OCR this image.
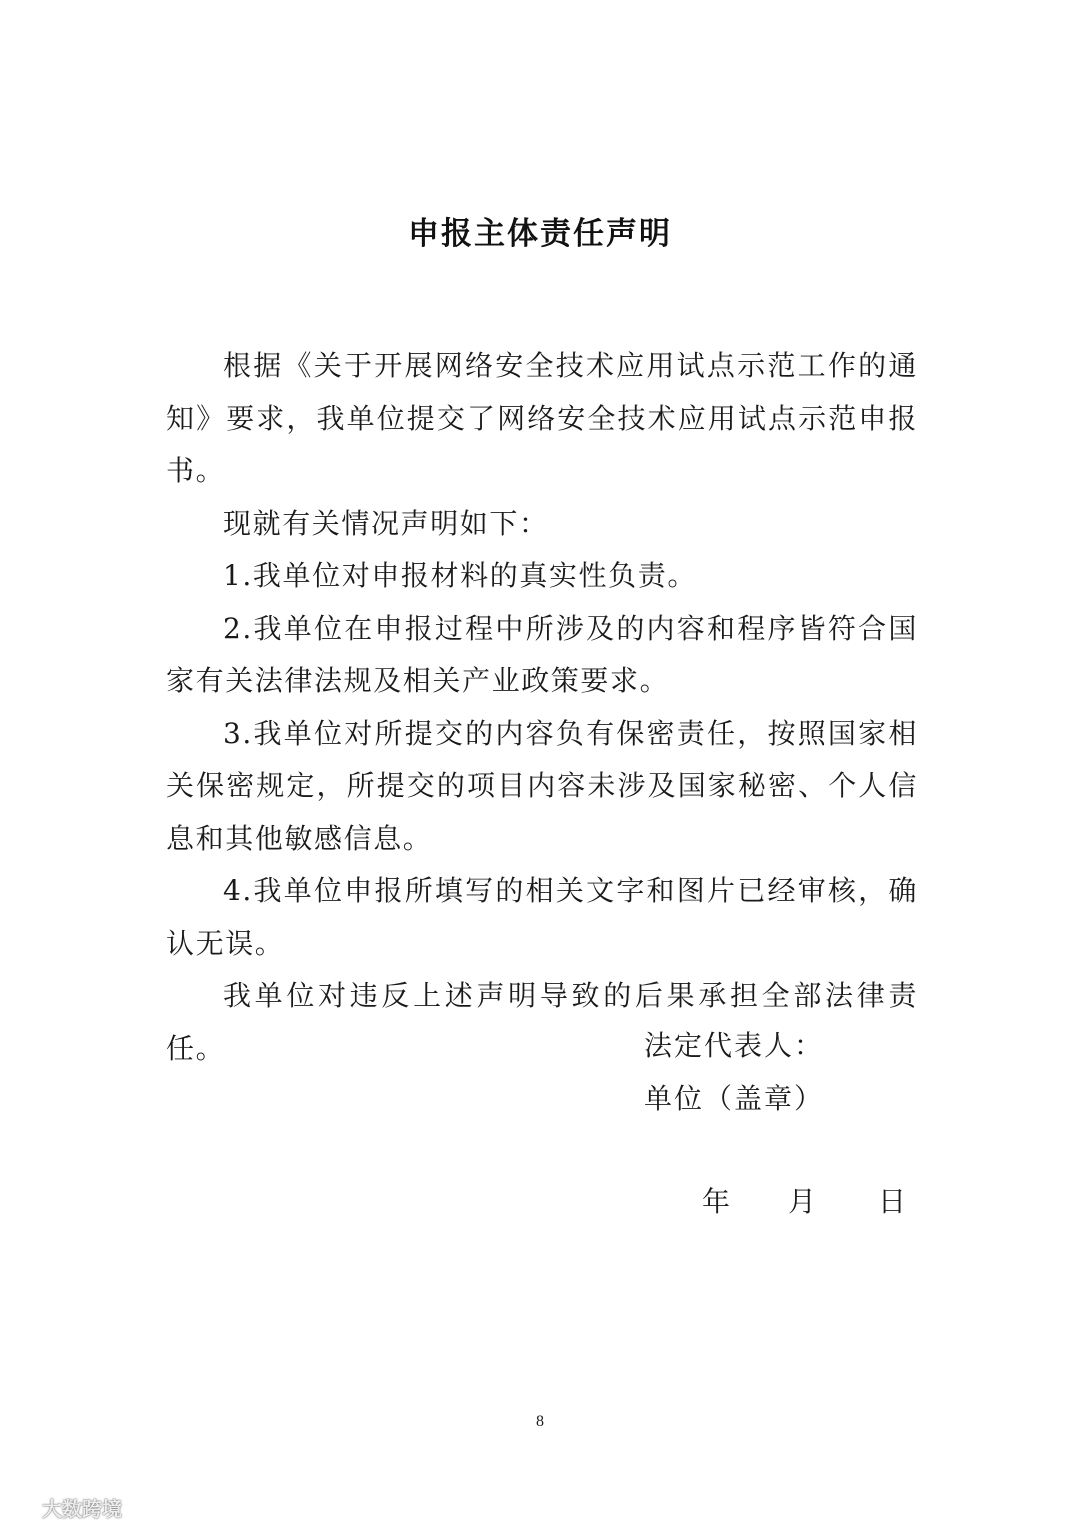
申报主体责任声明

根据《关于开展网络安全技术应用试点示范工作的通知》要求，我单位提交了网络安全技术应用试点示范申报书。

现就有关情况声明如下：

1.我单位对申报材料的真实性负责。

2.我单位在申报过程中所涉及的内容和程序皆符合国家有关法律法规及相关产业政策要求。

3.我单位对所提交的内容负有保密责任，按照国家相关保密规定，所提交的项目内容未涉及国家秘密、个人信息和其他敏感信息。

4.我单位申报所填写的相关文字和图片已经审核，确认无误。

我单位对违反上述声明导致的后果承担全部法律责任。	法定代表人：
单位（盖章）
年 月 日
8
大数跨境
